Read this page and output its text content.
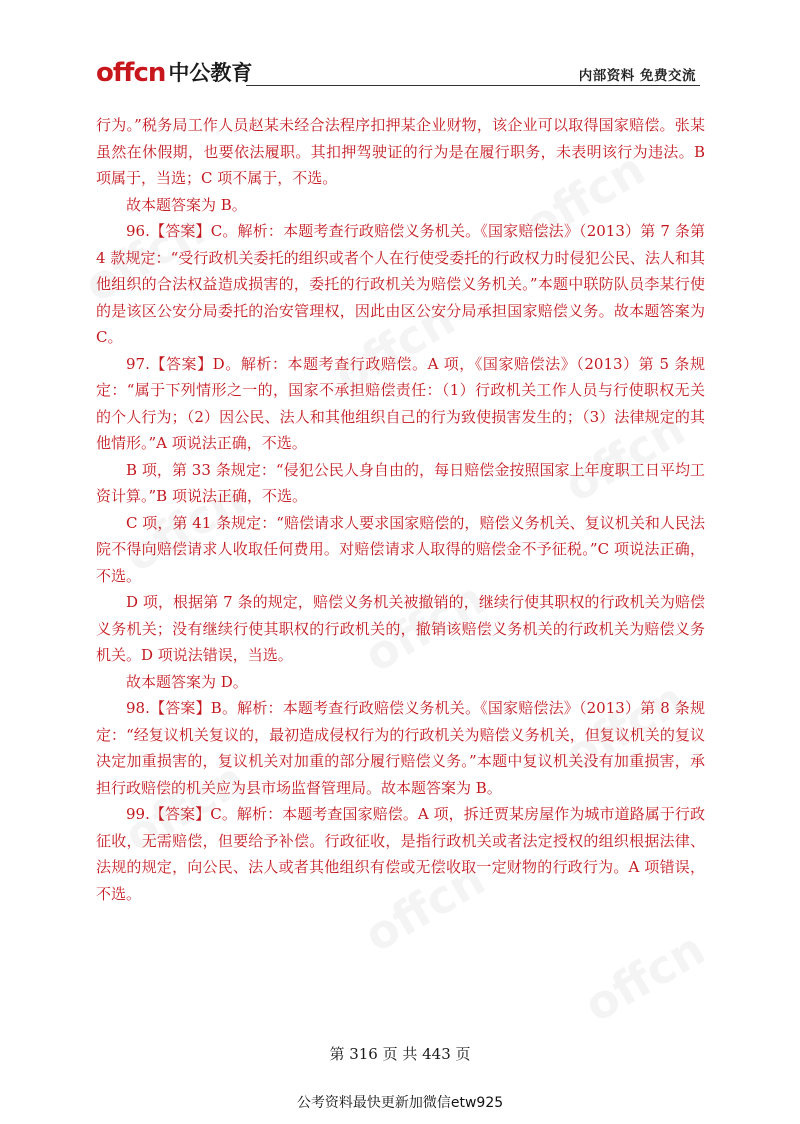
offcn 中公教育	内部资料 免费交流

行为。”税务局工作人员赵某未经合法程序扣押某企业财物，该企业可以取得国家赔偿。张某虽然在休假期，也要依法履职。其扣押驾驶证的行为是在履行职务，未表明该行为违法。B 项属于，当选；C 项不属于，不选。

故本题答案为 B。

96.【答案】C。解析：本题考查行政赔偿义务机关。《国家赔偿法》（2013）第 7 条第 4 款规定：“受行政机关委托的组织或者个人在行使受委托的行政权力时侵犯公民、法人和其他组织的合法权益造成损害的，委托的行政机关为赔偿义务机关。”本题中联防队员李某行使的是该区公安分局委托的治安管理权，因此由区公安分局承担国家赔偿义务。故本题答案为 C。

97.【答案】D。解析：本题考查行政赔偿。A 项，《国家赔偿法》（2013）第 5 条规定：“属于下列情形之一的，国家不承担赔偿责任：（1）行政机关工作人员与行使职权无关的个人行为；（2）因公民、法人和其他组织自己的行为致使损害发生的；（3）法律规定的其他情形。”A 项说法正确，不选。

B 项，第 33 条规定：“侵犯公民人身自由的，每日赔偿金按照国家上年度职工日平均工资计算。”B 项说法正确，不选。

C 项，第 41 条规定：“赔偿请求人要求国家赔偿的，赔偿义务机关、复议机关和人民法院不得向赔偿请求人收取任何费用。对赔偿请求人取得的赔偿金不予征税。”C 项说法正确，不选。

D 项，根据第 7 条的规定，赔偿义务机关被撤销的，继续行使其职权的行政机关为赔偿义务机关；没有继续行使其职权的行政机关的，撤销该赔偿义务机关的行政机关为赔偿义务机关。D 项说法错误，当选。

故本题答案为 D。

98.【答案】B。解析：本题考查行政赔偿义务机关。《国家赔偿法》（2013）第 8 条规定：“经复议机关复议的，最初造成侵权行为的行政机关为赔偿义务机关，但复议机关的复议决定加重损害的，复议机关对加重的部分履行赔偿义务。”本题中复议机关没有加重损害，承担行政赔偿的机关应为县市场监督管理局。故本题答案为 B。

99.【答案】C。解析：本题考查国家赔偿。A 项，拆迁贾某房屋作为城市道路属于行政征收，无需赔偿，但要给予补偿。行政征收，是指行政机关或者法定授权的组织根据法律、法规的规定，向公民、法人或者其他组织有偿或无偿收取一定财物的行政行为。A 项错误，不选。

第 316 页 共 443 页
公考资料最快更新加微信etw925
